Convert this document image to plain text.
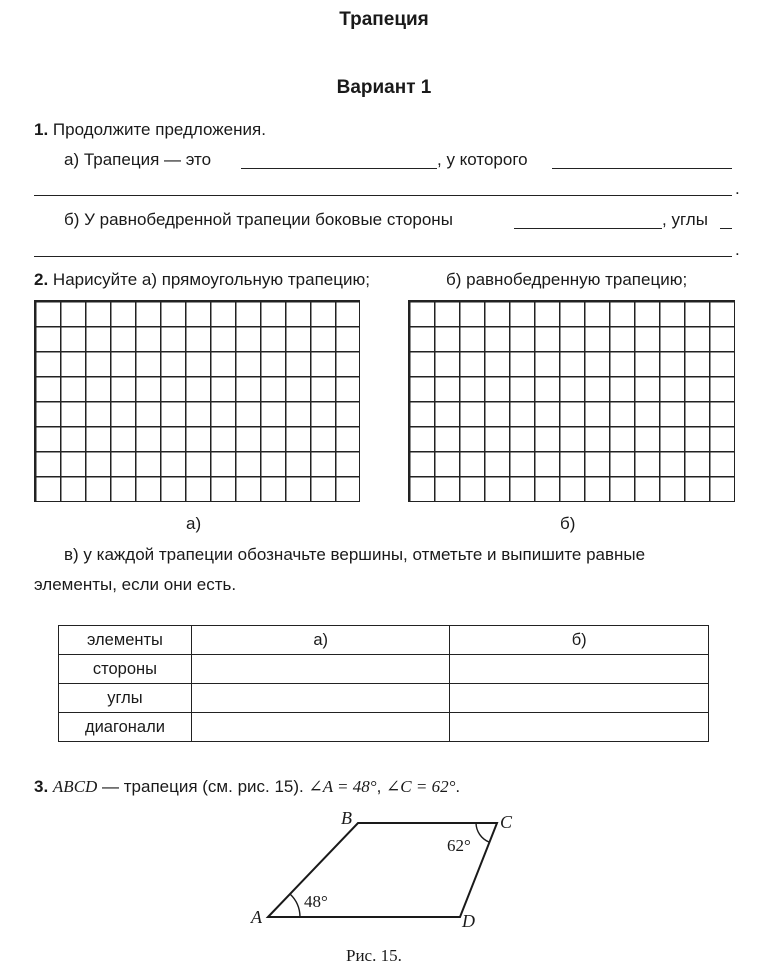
Трапеция
Вариант 1
1. Продолжите предложения.
а) Трапеция — это	, у которого
.
б) У равнобедренной трапеции боковые стороны	, углы
.
2. Нарисуйте а) прямоугольную трапецию;	б) равнобедренную трапецию;
а)	б)
в) у каждой трапеции обозначьте вершины, отметьте и выпишите равные
элементы, если они есть.
элементы	а)	б)
стороны		
углы		
диагонали		
3. ABCD — трапеция (см. рис. 15). ∠A = 48°, ∠C = 62°.
A
B	C
D
48°
62°
Рис. 15.
